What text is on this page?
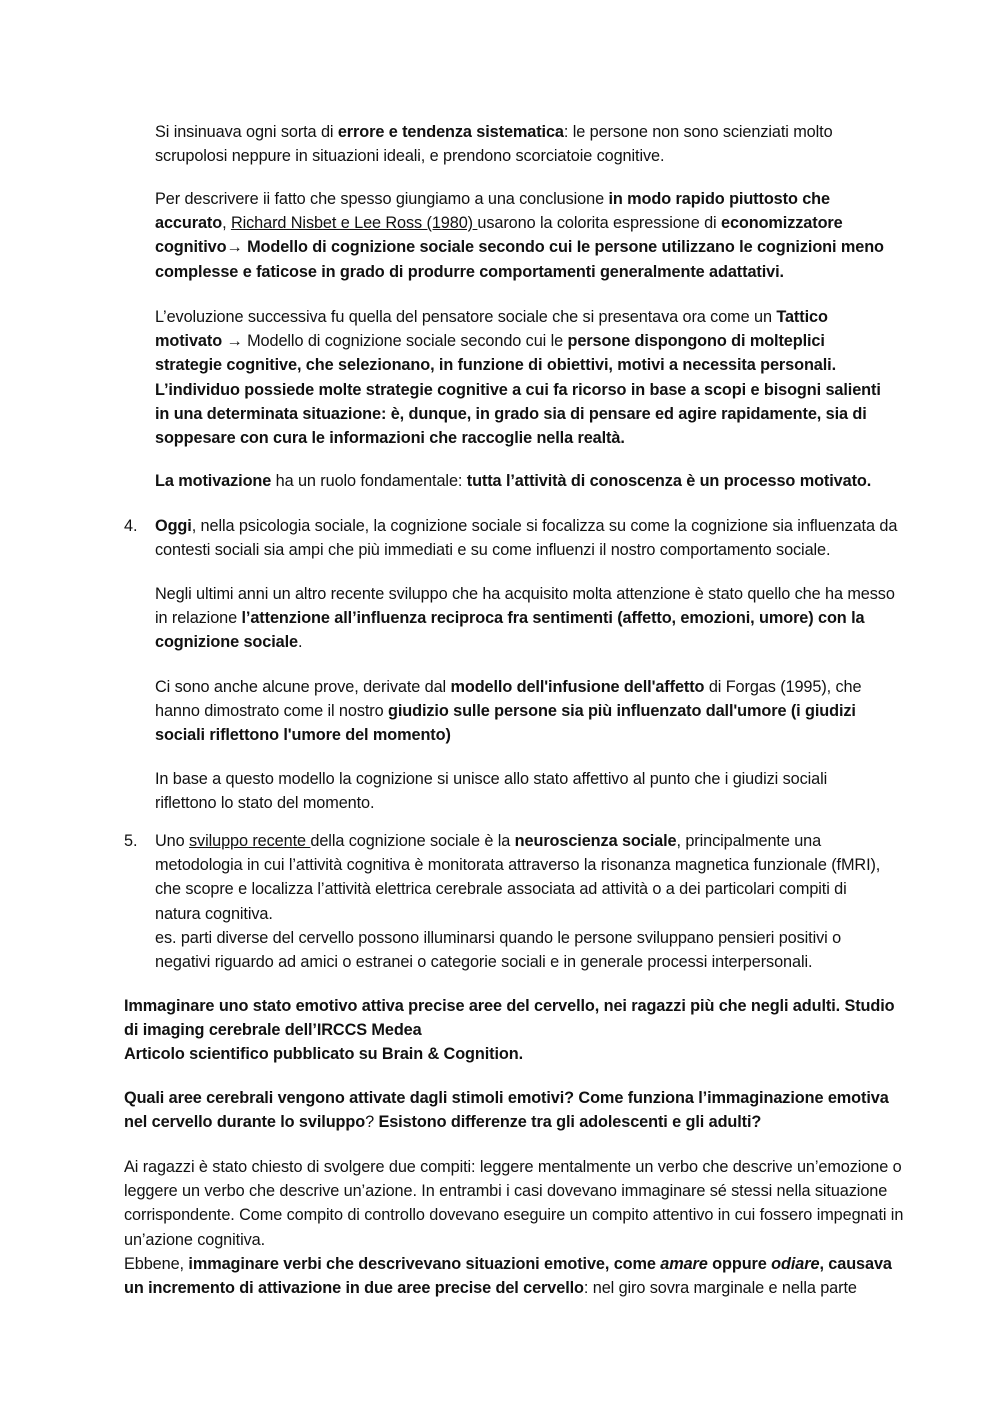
Si insinuava ogni sorta di errore e tendenza sistematica: le persone non sono scienziati molto scrupolosi neppure in situazioni ideali, e prendono scorciatoie cognitive.
Per descrivere ii fatto che spesso giungiamo a una conclusione in modo rapido piuttosto che accurato, Richard Nisbet e Lee Ross (1980) usarono la colorita espressione di economizzatore cognitivo→ Modello di cognizione sociale secondo cui Ie persone utilizzano le cognizioni meno complesse e faticose in grado di produrre comportamenti generalmente adattativi.
L’evoluzione successiva fu quella del pensatore sociale che si presentava ora come un Tattico motivato → Modello di cognizione sociale secondo cui le persone dispongono di molteplici strategie cognitive, che selezionano, in funzione di obiettivi, motivi a necessita personali. L’individuo possiede molte strategie cognitive a cui fa ricorso in base a scopi e bisogni salienti in una determinata situazione: è, dunque, in grado sia di pensare ed agire rapidamente, sia di soppesare con cura le informazioni che raccoglie nella realtà.
La motivazione ha un ruolo fondamentale: tutta l’attività di conoscenza è un processo motivato.
4. Oggi, nella psicologia sociale, la cognizione sociale si focalizza su come la cognizione sia influenzata da contesti sociali sia ampi che più immediati e su come influenzi il nostro comportamento sociale.
Negli ultimi anni un altro recente sviluppo che ha acquisito molta attenzione è stato quello che ha messo in relazione l’attenzione all’influenza reciproca fra sentimenti (affetto, emozioni, umore) con la cognizione sociale.
Ci sono anche alcune prove, derivate dal modello dell'infusione dell'affetto di Forgas (1995), che hanno dimostrato come il nostro giudizio sulle persone sia più influenzato dall'umore (i giudizi sociali riflettono l'umore del momento)
In base a questo modello la cognizione si unisce allo stato affettivo al punto che i giudizi sociali riflettono lo stato del momento.
5. Uno sviluppo recente della cognizione sociale è la neuroscienza sociale, principalmente una metodologia in cui l’attività cognitiva è monitorata attraverso la risonanza magnetica funzionale (fMRI), che scopre e localizza l’attività elettrica cerebrale associata ad attività o a dei particolari compiti di natura cognitiva.
es. parti diverse del cervello possono illuminarsi quando le persone sviluppano pensieri positivi o negativi riguardo ad amici o estranei o categorie sociali e in generale processi interpersonali.
Immaginare uno stato emotivo attiva precise aree del cervello, nei ragazzi più che negli adulti. Studio di imaging cerebrale dell’IRCCS Medea
Articolo scientifico pubblicato su Brain & Cognition.
Quali aree cerebrali vengono attivate dagli stimoli emotivi? Come funziona l’immaginazione emotiva nel cervello durante lo sviluppo? Esistono differenze tra gli adolescenti e gli adulti?
Ai ragazzi è stato chiesto di svolgere due compiti: leggere mentalmente un verbo che descrive un’emozione o leggere un verbo che descrive un’azione. In entrambi i casi dovevano immaginare sé stessi nella situazione corrispondente. Come compito di controllo dovevano eseguire un compito attentivo in cui fossero impegnati in un’azione cognitiva.
Ebbene, immaginare verbi che descrivevano situazioni emotive, come amare oppure odiare, causava un incremento di attivazione in due aree precise del cervello: nel giro sovra marginale e nella parte
